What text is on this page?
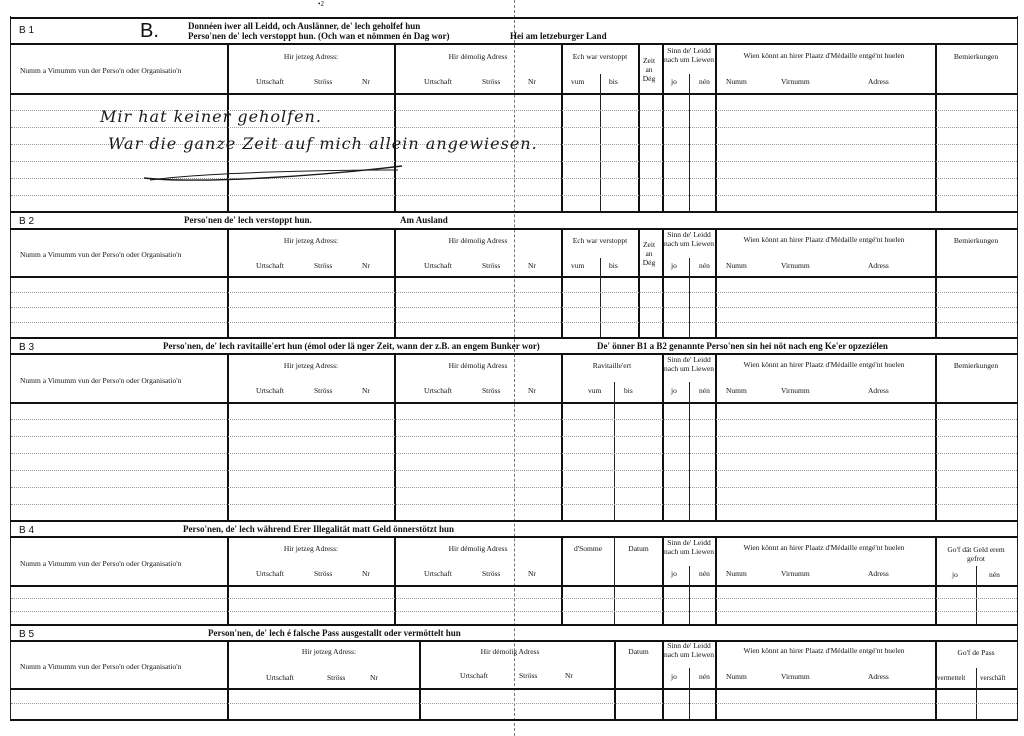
•2
B 1	B.	Donnéen iwer all Leidd, och Auslänner, de' lech geholfef hun
Perso'nen de' lech verstoppt hun. (Och wan et nömmen én Dag wor)	Hei am letzeburger Land
Numm a Vimumm vun der Perso'n oder Organisatio'n
Hir jetzeg Adress:
Urtschaft	Ströss	Nr
Hir démolig Adress
Urtschaft	Ströss	Nr
Ech war verstoppt
vum	bis
Zeit an Dég
Sinn de' Leidd nach um Liewen
jo	nén
Wien könnt an hirer Plaatz d'Médaille entgé'nt huelen
Numm	Virnumm	Adress
Bemierkungen
Mir hat keiner geholfen.
War die ganze Zeit auf mich allein angewiesen.
B 2	Perso'nen de' lech verstoppt hun.	Am Ausland
Numm a Vimumm vun der Perso'n oder Organisatio'n
Hir jetzeg Adress:
Urtschaft	Ströss	Nr
Hir démolig Adress
Urtschaft	Ströss	Nr
Ech war verstoppt
vum	bis
Zeit an Dég
Sinn de' Leidd nach um Liewen
jo	nén
Wien könnt an hirer Plaatz d'Médaille entgé'nt huelen
Numm	Virnumm	Adress
Bemierkungen
B 3	Perso'nen, de' lech ravitaille'ert hun (émol oder lä nger Zeit, wann der z.B. an engem Bunker wor)	De' önner B1 a B2 genannte Perso'nen sin hei nöt nach eng Ke'er opzeziélen
Numm a Vimumm vun der Perso'n oder Organisatio'n
Hir jetzeg Adress:
Urtschaft	Ströss	Nr
Hir démolig Adress
Urtschaft	Ströss	Nr
Ravitaille'ert
vum	bis
Sinn de' Leidd nach um Liewen
jo	nén
Wien könnt an hirer Plaatz d'Médaille entgé'nt huelen
Numm	Virnumm	Adress
Bemierkungen
B 4	Perso'nen, de' lech während Erer Illegalität matt Geld önnerstötzt hun
Numm a Vimumm vun der Perso'n oder Organisatio'n
Hir jetzeg Adress:
Urtschaft	Ströss	Nr
Hir démolig Adress
Urtschaft	Ströss	Nr
d'Somme	Datum
Sinn de' Leidd nach um Liewen
jo	nén
Wien könnt an hirer Plaatz d'Médaille entgé'nt huelen
Numm	Virnumm	Adress
Go'f dät Geld erem gefrot
jo	nén
B 5	Person'nen, de' lech é falsche Pass ausgestallt oder vermöttelt hun
Numm a Vimumm vun der Perso'n oder Organisatio'n
Hir jetzeg Adress:
Urtschaft	Ströss	Nr
Hir démolig Adress
Urtschaft	Ströss	Nr
Datum
Sinn de' Leidd nach um Liewen
jo	nén
Wien könnt an hirer Plaatz d'Médaille entgé'nt huelen
Numm	Virnumm	Adress
Go'f de Pass
vermettelt verschäft
